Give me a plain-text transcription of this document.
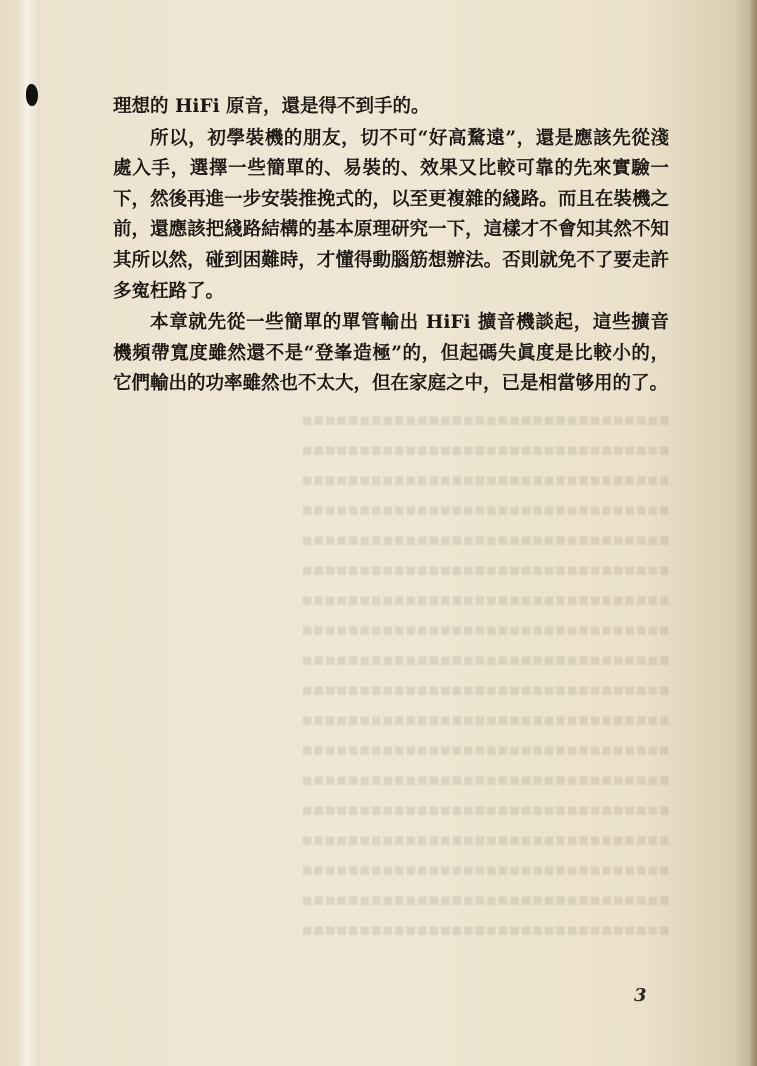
▪▪▪▪▪▪▪▪▪▪▪▪▪▪▪▪▪▪▪▪▪▪▪▪▪▪▪▪▪▪▪▪
▪▪▪▪▪▪▪▪▪▪▪▪▪▪▪▪▪▪▪▪▪▪▪▪▪▪▪▪▪▪▪▪
▪▪▪▪▪▪▪▪▪▪▪▪▪▪▪▪▪▪▪▪▪▪▪▪▪▪▪▪▪▪▪▪
▪▪▪▪▪▪▪▪▪▪▪▪▪▪▪▪▪▪▪▪▪▪▪▪▪▪▪▪▪▪▪▪
▪▪▪▪▪▪▪▪▪▪▪▪▪▪▪▪▪▪▪▪▪▪▪▪▪▪▪▪▪▪▪▪
▪▪▪▪▪▪▪▪▪▪▪▪▪▪▪▪▪▪▪▪▪▪▪▪▪▪▪▪▪▪▪▪
▪▪▪▪▪▪▪▪▪▪▪▪▪▪▪▪▪▪▪▪▪▪▪▪▪▪▪▪▪▪▪▪
▪▪▪▪▪▪▪▪▪▪▪▪▪▪▪▪▪▪▪▪▪▪▪▪▪▪▪▪▪▪▪▪
▪▪▪▪▪▪▪▪▪▪▪▪▪▪▪▪▪▪▪▪▪▪▪▪▪▪▪▪▪▪▪▪
▪▪▪▪▪▪▪▪▪▪▪▪▪▪▪▪▪▪▪▪▪▪▪▪▪▪▪▪▪▪▪▪
▪▪▪▪▪▪▪▪▪▪▪▪▪▪▪▪▪▪▪▪▪▪▪▪▪▪▪▪▪▪▪▪
▪▪▪▪▪▪▪▪▪▪▪▪▪▪▪▪▪▪▪▪▪▪▪▪▪▪▪▪▪▪▪▪
▪▪▪▪▪▪▪▪▪▪▪▪▪▪▪▪▪▪▪▪▪▪▪▪▪▪▪▪▪▪▪▪
▪▪▪▪▪▪▪▪▪▪▪▪▪▪▪▪▪▪▪▪▪▪▪▪▪▪▪▪▪▪▪▪
▪▪▪▪▪▪▪▪▪▪▪▪▪▪▪▪▪▪▪▪▪▪▪▪▪▪▪▪▪▪▪▪
▪▪▪▪▪▪▪▪▪▪▪▪▪▪▪▪▪▪▪▪▪▪▪▪▪▪▪▪▪▪▪▪
▪▪▪▪▪▪▪▪▪▪▪▪▪▪▪▪▪▪▪▪▪▪▪▪▪▪▪▪▪▪▪▪
▪▪▪▪▪▪▪▪▪▪▪▪▪▪▪▪▪▪▪▪▪▪▪▪▪▪▪▪▪▪▪▪

理想的 HiFi 原音，還是得不到手的。

所以，初學裝機的朋友，切不可“好高騖遠”，還是應該先從淺處入手，選擇一些簡單的、易裝的、效果又比較可靠的先來實驗一下，然後再進一步安裝推挽式的，以至更複雜的綫路。而且在裝機之前，還應該把綫路結構的基本原理研究一下，這樣才不會知其然不知其所以然，碰到困難時，才懂得動腦筋想辦法。否則就免不了要走許多寃枉路了。

本章就先從一些簡單的單管輸出 HiFi 擴音機談起，這些擴音機頻帶寬度雖然還不是“登峯造極”的，但起碼失眞度是比較小的，它們輸出的功率雖然也不太大，但在家庭之中，已是相當够用的了。

3
